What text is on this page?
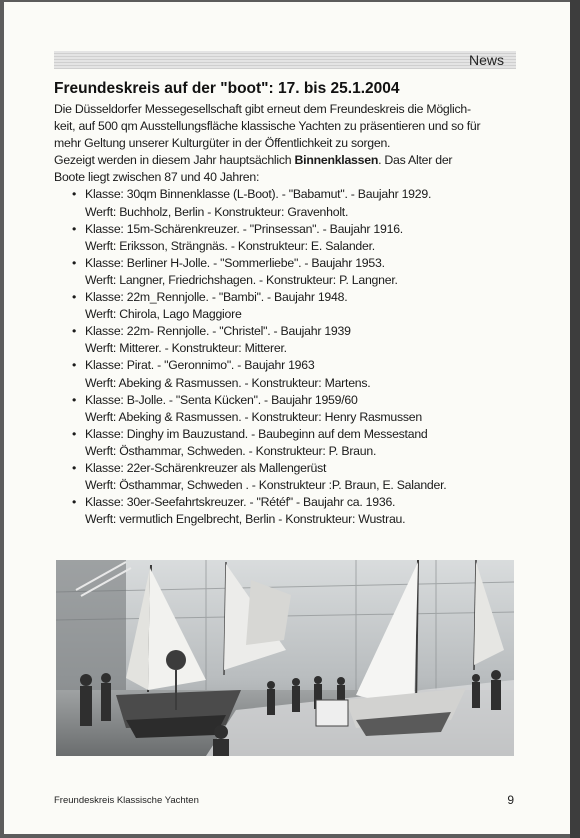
News
Freundeskreis auf der "boot": 17. bis 25.1.2004

Die Düsseldorfer Messegesellschaft gibt erneut dem Freundeskreis die Möglich-
keit, auf 500 qm Ausstellungsfläche klassische Yachten zu präsentieren und so für
mehr Geltung unserer Kulturgüter in der Öffentlichkeit zu sorgen.

Gezeigt werden in diesem Jahr hauptsächlich Binnenklassen. Das Alter der
Boote liegt zwischen 87 und 40 Jahren:

• Klasse: 30qm Binnenklasse (L-Boot). - "Babamut". - Baujahr 1929.
Werft: Buchholz, Berlin - Konstrukteur: Gravenholt.
• Klasse: 15m-Schärenkreuzer. - "Prinsessan". - Baujahr 1916.
Werft: Eriksson, Strängnäs. - Konstrukteur: E. Salander.
• Klasse: Berliner H-Jolle. - "Sommerliebe". - Baujahr 1953.
Werft: Langner, Friedrichshagen. - Konstrukteur: P. Langner.
• Klasse: 22m_Rennjolle. - "Bambi". - Baujahr 1948.
Werft: Chirola, Lago Maggiore
• Klasse: 22m- Rennjolle. - "Christel". - Baujahr 1939
Werft: Mitterer. - Konstrukteur: Mitterer.
• Klasse: Pirat. - "Geronnimo". - Baujahr 1963
Werft: Abeking & Rasmussen. - Konstrukteur: Martens.
• Klasse: B-Jolle. - "Senta Kücken". - Baujahr 1959/60
Werft: Abeking & Rasmussen. - Konstrukteur: Henry Rasmussen
• Klasse: Dinghy im Bauzustand. - Baubeginn auf dem Messestand
Werft: Östhammar, Schweden. - Konstrukteur: P. Braun.
• Klasse: 22er-Schärenkreuzer als Mallengerüst
Werft: Östhammar, Schweden . - Konstrukteur :P. Braun, E. Salander.
• Klasse: 30er-Seefahrtskreuzer. - "Rétéf" - Baujahr ca. 1936.
Werft: vermutlich Engelbrecht, Berlin - Konstrukteur: Wustrau.
Freundeskreis Klassische Yachten	9
